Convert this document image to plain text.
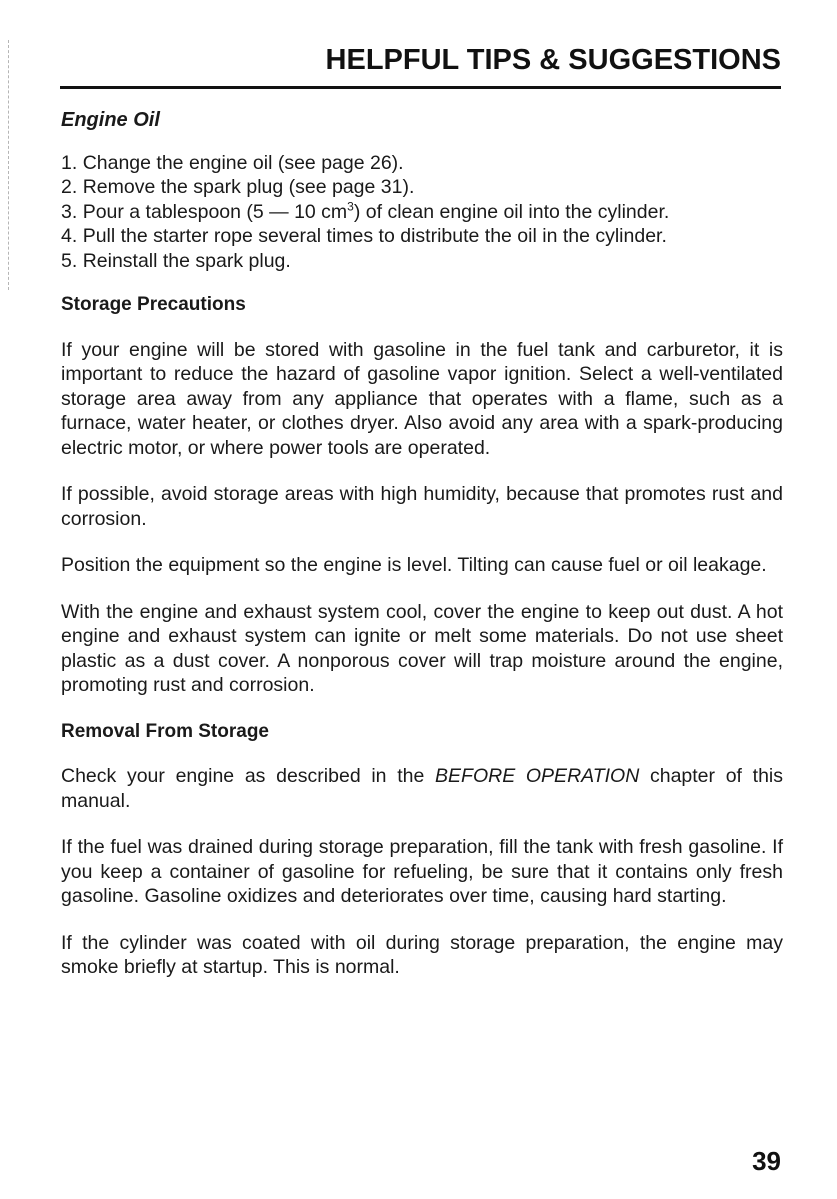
HELPFUL TIPS & SUGGESTIONS
Engine Oil
1. Change the engine oil (see page 26).
2. Remove the spark plug (see page 31).
3. Pour a tablespoon (5 — 10 $cm^3$) of clean engine oil into the cylinder.
4. Pull the starter rope several times to distribute the oil in the cylinder.
5. Reinstall the spark plug.
Storage Precautions

If your engine will be stored with gasoline in the fuel tank and carburetor, it is important to reduce the hazard of gasoline vapor ignition. Select a well-ventilated storage area away from any appliance that operates with a flame, such as a furnace, water heater, or clothes dryer. Also avoid any area with a spark-producing electric motor, or where power tools are operated.

If possible, avoid storage areas with high humidity, because that promotes rust and corrosion.

Position the equipment so the engine is level. Tilting can cause fuel or oil leakage.

With the engine and exhaust system cool, cover the engine to keep out dust. A hot engine and exhaust system can ignite or melt some materials. Do not use sheet plastic as a dust cover. A nonporous cover will trap moisture around the engine, promoting rust and corrosion.

Removal From Storage

Check your engine as described in the BEFORE OPERATION chapter of this manual.

If the fuel was drained during storage preparation, fill the tank with fresh gasoline. If you keep a container of gasoline for refueling, be sure that it contains only fresh gasoline. Gasoline oxidizes and deteriorates over time, causing hard starting.

If the cylinder was coated with oil during storage preparation, the engine may smoke briefly at startup. This is normal.

39
